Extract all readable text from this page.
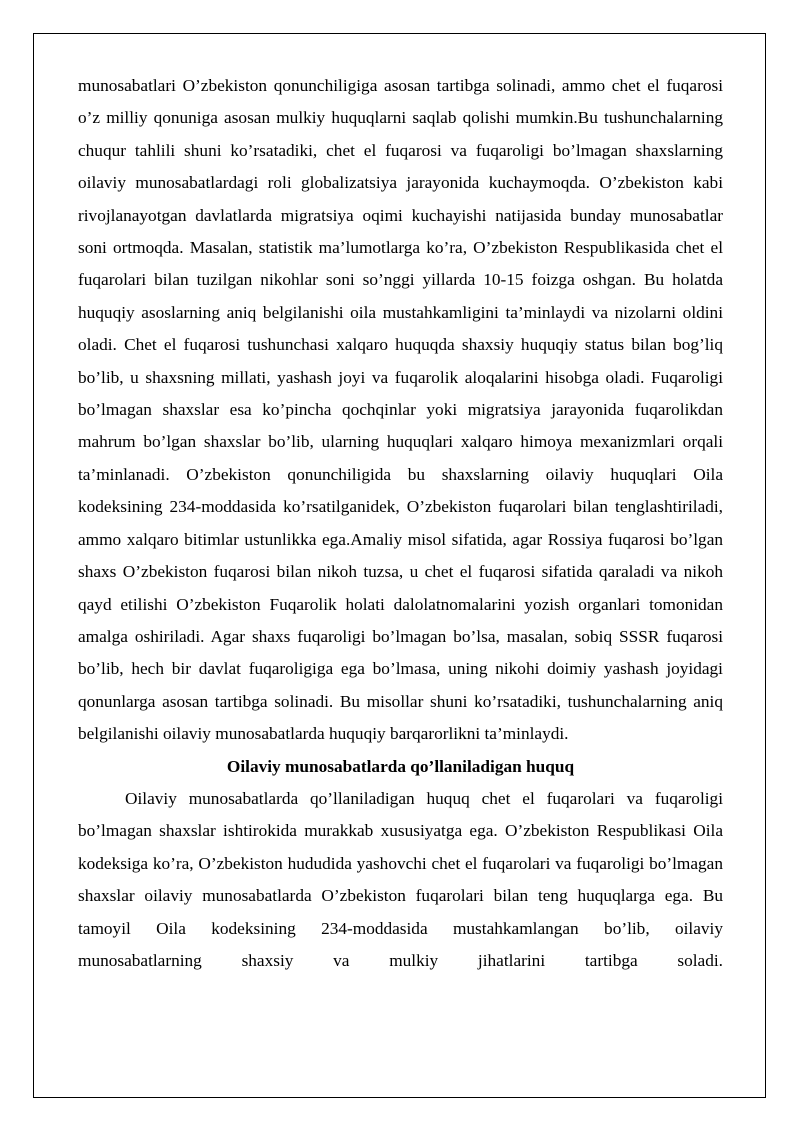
munosabatlari O’zbekiston qonunchiligiga asosan tartibga solinadi, ammo chet el fuqarosi o’z milliy qonuniga asosan mulkiy huquqlarni saqlab qolishi mumkin.Bu tushunchalarning chuqur tahlili shuni ko’rsatadiki, chet el fuqarosi va fuqaroligi bo’lmagan shaxslarning oilaviy munosabatlardagi roli globalizatsiya jarayonida kuchaymoqda. O’zbekiston kabi rivojlanayotgan davlatlarda migratsiya oqimi kuchayishi natijasida bunday munosabatlar soni ortmoqda. Masalan, statistik ma’lumotlarga ko’ra, O’zbekiston Respublikasida chet el fuqarolari bilan tuzilgan nikohlar soni so’nggi yillarda 10-15 foizga oshgan. Bu holatda huquqiy asoslarning aniq belgilanishi oila mustahkamligini ta’minlaydi va nizolarni oldini oladi. Chet el fuqarosi tushunchasi xalqaro huquqda shaxsiy huquqiy status bilan bog’liq bo’lib, u shaxsning millati, yashash joyi va fuqarolik aloqalarini hisobga oladi. Fuqaroligi bo’lmagan shaxslar esa ko’pincha qochqinlar yoki migratsiya jarayonida fuqarolikdan mahrum bo’lgan shaxslar bo’lib, ularning huquqlari xalqaro himoya mexanizmlari orqali ta’minlanadi. O’zbekiston qonunchiligida bu shaxslarning oilaviy huquqlari Oila kodeksining 234-moddasida ko’rsatilganidek, O’zbekiston fuqarolari bilan tenglashtiriladi, ammo xalqaro bitimlar ustunlikka ega.Amaliy misol sifatida, agar Rossiya fuqarosi bo’lgan shaxs O’zbekiston fuqarosi bilan nikoh tuzsa, u chet el fuqarosi sifatida qaraladi va nikoh qayd etilishi O’zbekiston Fuqarolik holati dalolatnomalarini yozish organlari tomonidan amalga oshiriladi. Agar shaxs fuqaroligi bo’lmagan bo’lsa, masalan, sobiq SSSR fuqarosi bo’lib, hech bir davlat fuqaroligiga ega bo’lmasa, uning nikohi doimiy yashash joyidagi qonunlarga asosan tartibga solinadi. Bu misollar shuni ko’rsatadiki, tushunchalarning aniq belgilanishi oilaviy munosabatlarda huquqiy barqarorlikni ta’minlaydi.

Oilaviy munosabatlarda qo’llaniladigan huquq

Oilaviy munosabatlarda qo’llaniladigan huquq chet el fuqarolari va fuqaroligi bo’lmagan shaxslar ishtirokida murakkab xususiyatga ega. O’zbekiston Respublikasi Oila kodeksiga ko’ra, O’zbekiston hududida yashovchi chet el fuqarolari va fuqaroligi bo’lmagan shaxslar oilaviy munosabatlarda O’zbekiston fuqarolari bilan teng huquqlarga ega. Bu tamoyil Oila kodeksining 234-moddasida mustahkamlangan bo’lib, oilaviy munosabatlarning shaxsiy va mulkiy jihatlarini tartibga soladi.
